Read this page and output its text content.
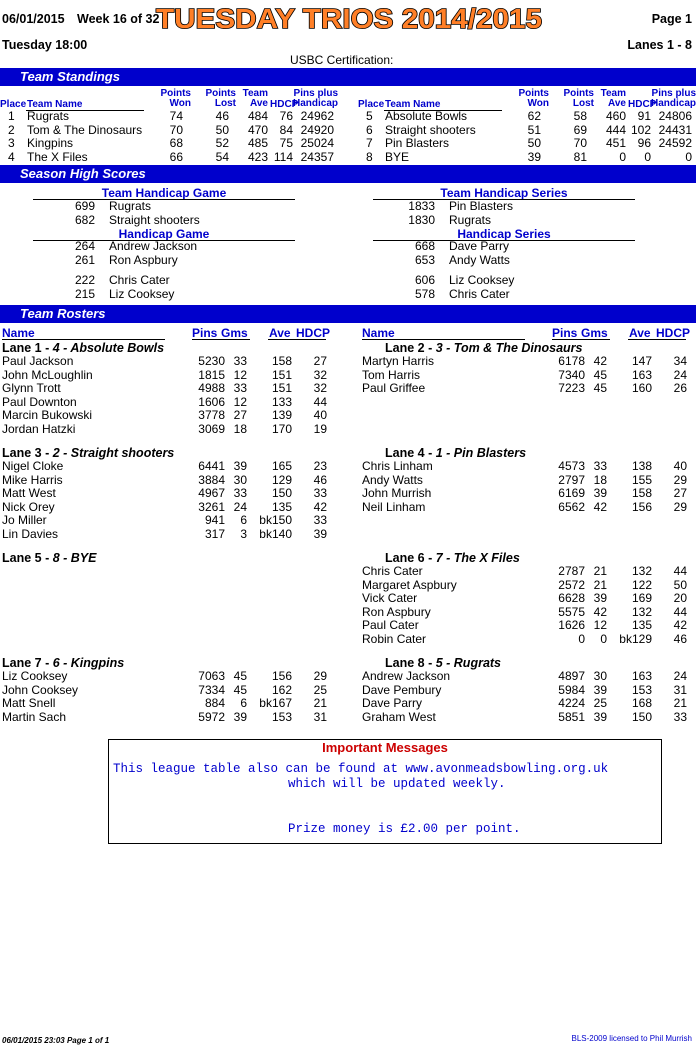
06/01/2015 Week 16 of 32
TUESDAY TRIOS 2014/2015	Page 1
Tuesday 18:00	Lanes 1 - 8
USBC Certification:
Team Standings
Place Team Name
Points Won
Points Lost
Team Ave HDCP
Pins plus Handicap Place Team Name
Points Won
Points Lost
Team Ave HDCP
Pins plus Handicap
1 Rugrats	74	46	484 76 24962
2 Tom & The Dinosaurs	70	50	470 84 24920
3 Kingpins	68	52	485 75 25024
4 The X Files	66	54	423 114 24357
5 Absolute Bowls	62	58	460 91 24806
6 Straight shooters	51	69	444 102 24431
7 Pin Blasters	50	70	451 96 24592
8 BYE	39	81	0	0	0
Season High Scores
Team Handicap Game
699 Rugrats
682 Straight shooters
Team Handicap Series
1833 Pin Blasters
1830 Rugrats
Handicap Game
264 Andrew Jackson
261 Ron Aspbury
222 Chris Cater
215 Liz Cooksey
Handicap Series
668 Dave Parry
653 Andy Watts
606 Liz Cooksey
578 Chris Cater
Team Rosters
Name	Pins Gms Ave HDCP	Name	Pins Gms Ave HDCP
Lane 1 - 4 - Absolute Bowls
Paul Jackson	5230 33	158	27
John McLoughlin	1815 12	151	32
Glynn Trott	4988 33	151	32
Paul Downton	1606 12	133	44
Marcin Bukowski	3778 27	139	40
Jordan Hatzki	3069 18	170	19
Lane 2 - 3 - Tom & The Dinosaurs
Martyn Harris	6178 42	147	34
Tom Harris	7340 45	163	24
Paul Griffee	7223 45	160	26
Lane 3 - 2 - Straight shooters
Nigel Cloke	6441 39	165	23
Mike Harris	3884 30	129	46
Matt West	4967 33	150	33
Nick Orey	3261 24	135	42
Jo Miller	941	6	bk150	33
Lin Davies	317	3	bk140	39
Lane 4 - 1 - Pin Blasters
Chris Linham	4573 33	138	40
Andy Watts	2797 18	155	29
John Murrish	6169 39	158	27
Neil Linham	6562 42	156	29
Lane 5 - 8 - BYE	Lane 6 - 7 - The X Files
Chris Cater	2787 21	132	44
Margaret Aspbury	2572 21	122	50
Vick Cater	6628 39	169	20
Ron Aspbury	5575 42	132	44
Paul Cater	1626 12	135	42
Robin Cater	0	0	bk129	46
Lane 7 - 6 - Kingpins
Liz Cooksey	7063 45	156	29
John Cooksey	7334 45	162	25
Matt Snell	884	6	bk167	21
Martin Sach	5972 39	153	31
Lane 8 - 5 - Rugrats
Andrew Jackson	4897 30	163	24
Dave Pembury	5984 39	153	31
Dave Parry	4224 25	168	21
Graham West	5851 39	150	33
Important Messages
This league table also can be found at www.avonmeadsbowling.org.uk
which will be updated weekly.
Prize money is £2.00 per point.
06/01/2015 23:03 Page 1 of 1	BLS-2009 licensed to Phil Murrish
